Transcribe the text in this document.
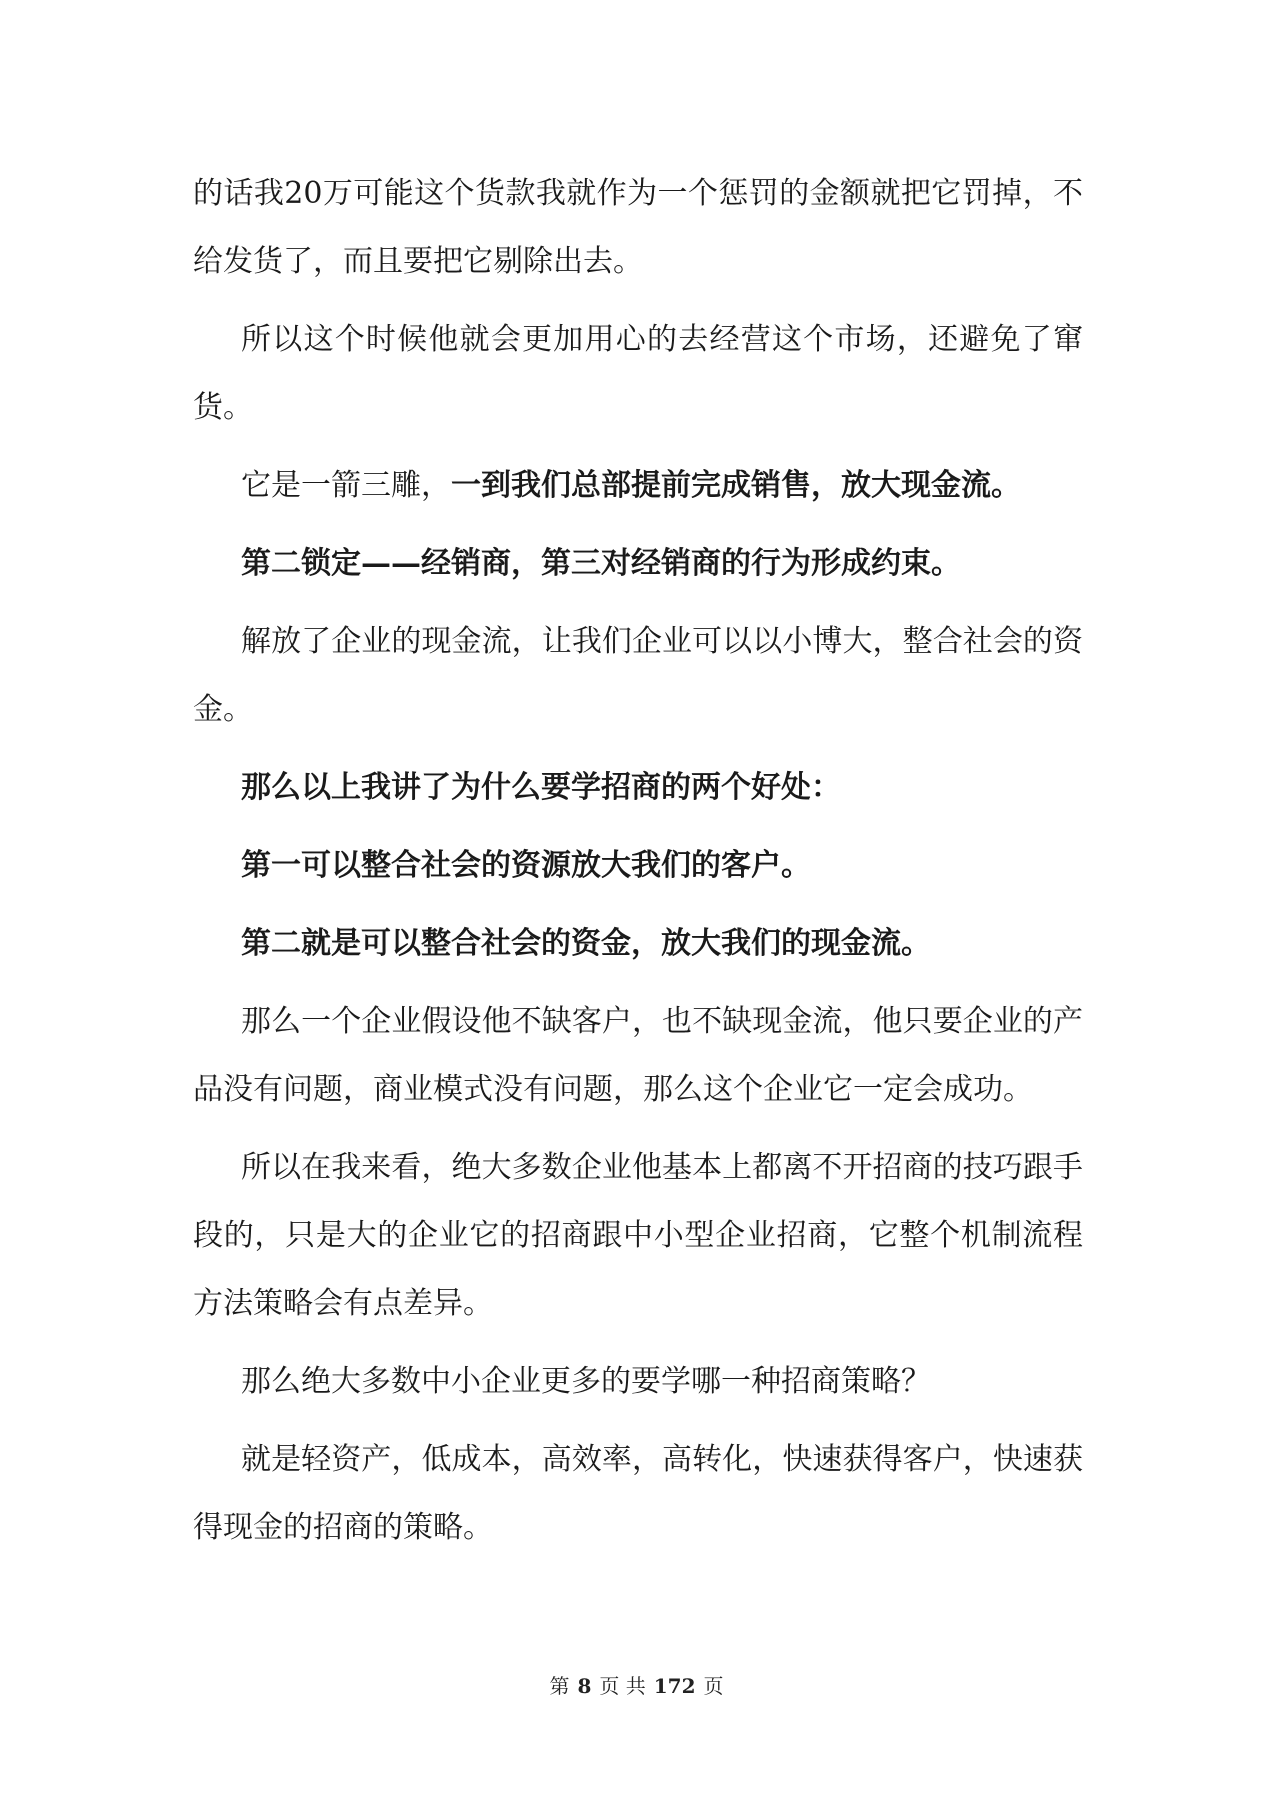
的话我20万可能这个货款我就作为一个惩罚的金额就把它罚掉，不给发货了，而且要把它剔除出去。

所以这个时候他就会更加用心的去经营这个市场，还避免了窜货。

它是一箭三雕，一到我们总部提前完成销售，放大现金流。

第二锁定——经销商，第三对经销商的行为形成约束。

解放了企业的现金流，让我们企业可以以小博大，整合社会的资金。

那么以上我讲了为什么要学招商的两个好处：

第一可以整合社会的资源放大我们的客户。

第二就是可以整合社会的资金，放大我们的现金流。

那么一个企业假设他不缺客户，也不缺现金流，他只要企业的产品没有问题，商业模式没有问题，那么这个企业它一定会成功。

所以在我来看，绝大多数企业他基本上都离不开招商的技巧跟手段的，只是大的企业它的招商跟中小型企业招商，它整个机制流程方法策略会有点差异。

那么绝大多数中小企业更多的要学哪一种招商策略？

就是轻资产，低成本，高效率，高转化，快速获得客户，快速获得现金的招商的策略。

第 8 页 共 172 页
